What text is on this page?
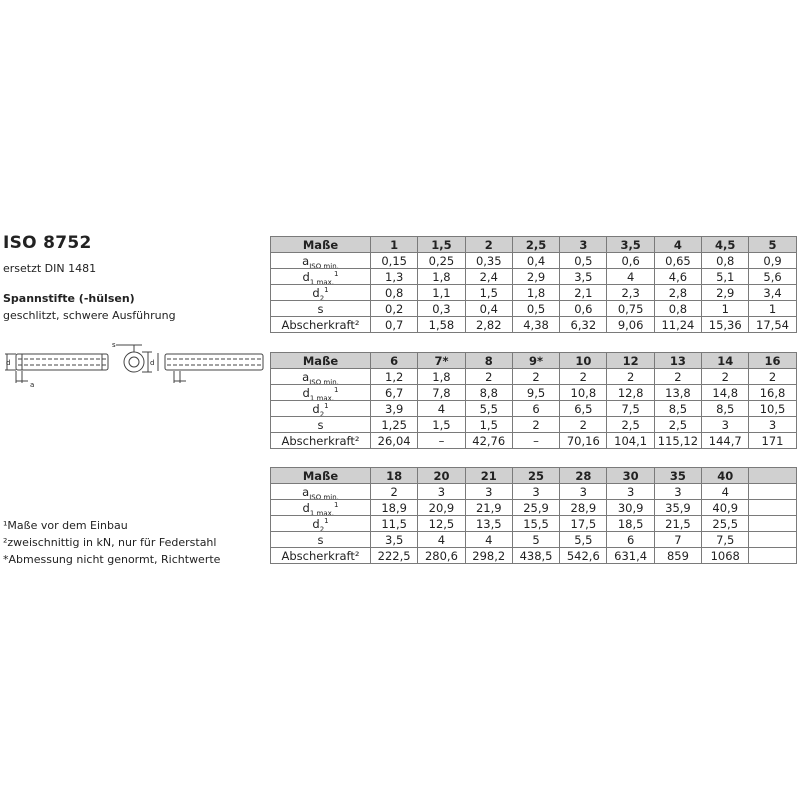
ISO 8752
ersetzt DIN 1481
Spannstifte (-hülsen)
geschlitzt, schwere Ausführung
d
a
s
d
Maße	1	1,5	2	2,5	3	3,5	4	4,5	5
$a_{ISO min.}$	0,15	0,25	0,35	0,4	0,5	0,6	0,65	0,8	0,9
$d_{1 max.}^1$	1,3	1,8	2,4	2,9	3,5	4	4,6	5,1	5,6
$d_2^1$	0,8	1,1	1,5	1,8	2,1	2,3	2,8	2,9	3,4
s	0,2	0,3	0,4	0,5	0,6	0,75	0,8	1	1
Abscherkraft²	0,7	1,58	2,82	4,38	6,32	9,06	11,24	15,36	17,54
Maße	6	7*	8	9*	10	12	13	14	16
$a_{ISO min.}$	1,2	1,8	2	2	2	2	2	2	2
$d_{1 max.}^1$	6,7	7,8	8,8	9,5	10,8	12,8	13,8	14,8	16,8
$d_2^1$	3,9	4	5,5	6	6,5	7,5	8,5	8,5	10,5
s	1,25	1,5	1,5	2	2	2,5	2,5	3	3
Abscherkraft²	26,04	–	42,76	–	70,16	104,1	115,12	144,7	171
Maße	18	20	21	25	28	30	35	40	
$a_{ISO min.}$	2	3	3	3	3	3	3	4	
$d_{1 max.}^1$	18,9	20,9	21,9	25,9	28,9	30,9	35,9	40,9	
$d_2^1$	11,5	12,5	13,5	15,5	17,5	18,5	21,5	25,5	
s	3,5	4	4	5	5,5	6	7	7,5	
Abscherkraft²	222,5	280,6	298,2	438,5	542,6	631,4	859	1068	
¹Maße vor dem Einbau
²zweischnittig in kN, nur für Federstahl
*Abmessung nicht genormt, Richtwerte
